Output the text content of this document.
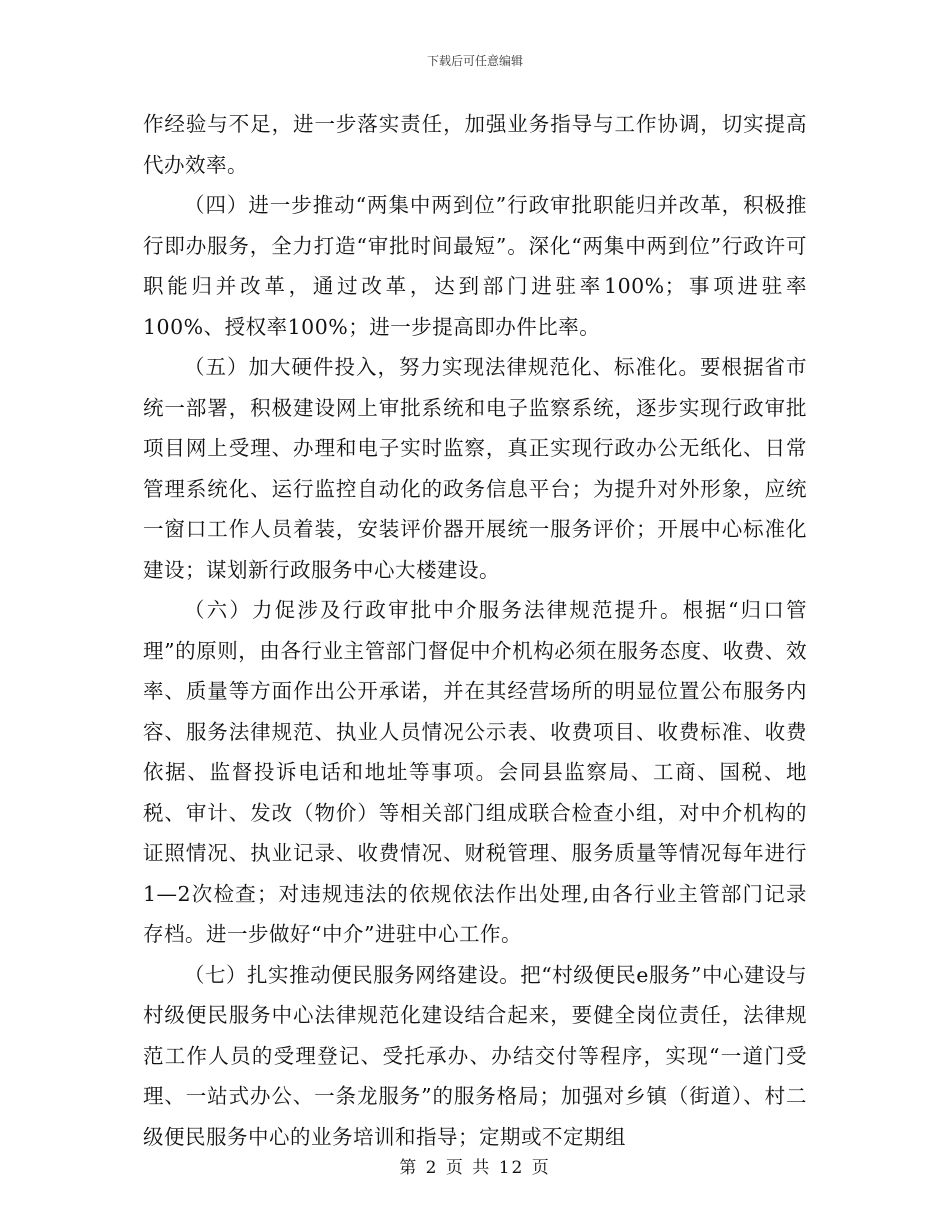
下载后可任意编辑

作经验与不足，进一步落实责任，加强业务指导与工作协调，切实提高代办效率。

（四）进一步推动“两集中两到位”行政审批职能归并改革，积极推行即办服务，全力打造“审批时间最短”。深化“两集中两到位”行政许可职能归并改革，通过改革，达到部门进驻率100%；事项进驻率100%、授权率100%；进一步提高即办件比率。

（五）加大硬件投入，努力实现法律规范化、标准化。要根据省市统一部署，积极建设网上审批系统和电子监察系统，逐步实现行政审批项目网上受理、办理和电子实时监察，真正实现行政办公无纸化、日常管理系统化、运行监控自动化的政务信息平台；为提升对外形象，应统一窗口工作人员着装，安装评价器开展统一服务评价；开展中心标准化建设；谋划新行政服务中心大楼建设。

（六）力促涉及行政审批中介服务法律规范提升。根据“归口管理”的原则，由各行业主管部门督促中介机构必须在服务态度、收费、效率、质量等方面作出公开承诺，并在其经营场所的明显位置公布服务内容、服务法律规范、执业人员情况公示表、收费项目、收费标准、收费依据、监督投诉电话和地址等事项。会同县监察局、工商、国税、地税、审计、发改（物价）等相关部门组成联合检查小组，对中介机构的证照情况、执业记录、收费情况、财税管理、服务质量等情况每年进行1—2次检查；对违规违法的依规依法作出处理,由各行业主管部门记录存档。进一步做好“中介”进驻中心工作。

（七）扎实推动便民服务网络建设。把“村级便民e服务”中心建设与村级便民服务中心法律规范化建设结合起来，要健全岗位责任，法律规范工作人员的受理登记、受托承办、办结交付等程序，实现“一道门受理、一站式办公、一条龙服务”的服务格局；加强对乡镇（街道）、村二级便民服务中心的业务培训和指导；定期或不定期组

第 2 页 共 12 页
